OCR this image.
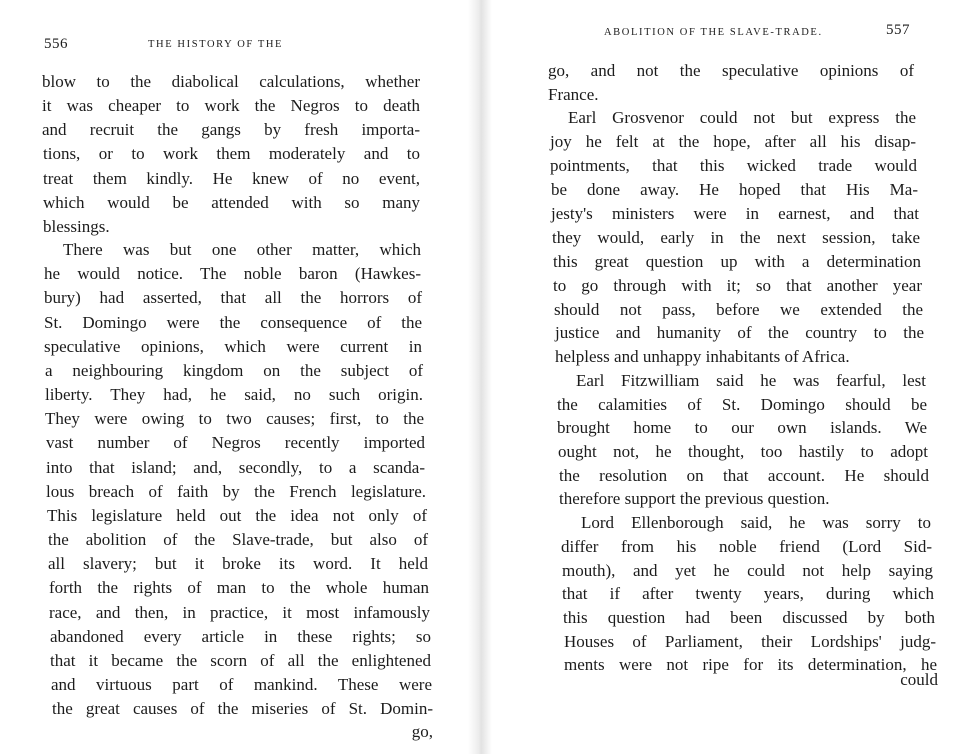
556	THE HISTORY OF THE
blow to the diabolical calculations, whether
it was cheaper to work the Negros to death
and recruit the gangs by fresh importa-
tions, or to work them moderately and to
treat them kindly. He knew of no event,
which would be attended with so many
blessings.
There was but one other matter, which
he would notice. The noble baron (Hawkes-
bury) had asserted, that all the horrors of
St. Domingo were the consequence of the
speculative opinions, which were current in
a neighbouring kingdom on the subject of
liberty. They had, he said, no such origin.
They were owing to two causes; first, to the
vast number of Negros recently imported
into that island; and, secondly, to a scanda-
lous breach of faith by the French legislature.
This legislature held out the idea not only of
the abolition of the Slave-trade, but also of
all slavery; but it broke its word. It held
forth the rights of man to the whole human
race, and then, in practice, it most infamously
abandoned every article in these rights; so
that it became the scorn of all the enlightened
and virtuous part of mankind. These were
the great causes of the miseries of St. Domin-
go,
ABOLITION OF THE SLAVE-TRADE.	557
go, and not the speculative opinions of
France.
Earl Grosvenor could not but express the
joy he felt at the hope, after all his disap-
pointments, that this wicked trade would
be done away. He hoped that His Ma-
jesty's ministers were in earnest, and that
they would, early in the next session, take
this great question up with a determination
to go through with it; so that another year
should not pass, before we extended the
justice and humanity of the country to the
helpless and unhappy inhabitants of Africa.
Earl Fitzwilliam said he was fearful, lest
the calamities of St. Domingo should be
brought home to our own islands. We
ought not, he thought, too hastily to adopt
the resolution on that account. He should
therefore support the previous question.
Lord Ellenborough said, he was sorry to
differ from his noble friend (Lord Sid-
mouth), and yet he could not help saying
that if after twenty years, during which
this question had been discussed by both
Houses of Parliament, their Lordships' judg-
ments were not ripe for its determination, he
could
